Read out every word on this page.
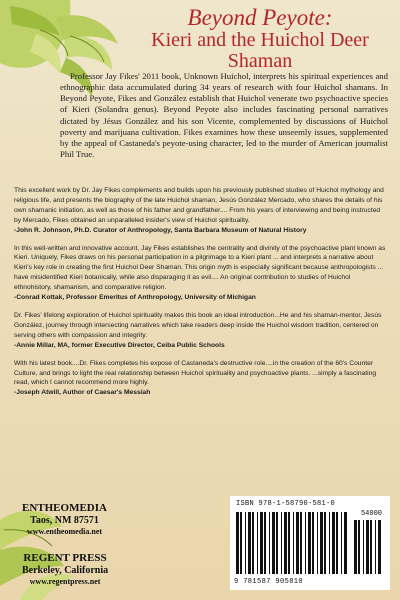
Beyond Peyote:
Kieri and the Huichol Deer Shaman

Professor Jay Fikes' 2011 book, Unknown Huichol, interprets his spiritual experiences and ethnographic data accumulated during 34 years of research with four Huichol shamans. In Beyond Peyote, Fikes and González establish that Huichol venerate two psychoactive species of Kieri (Solandra genus). Beyond Peyote also includes fascinating personal narratives dictated by Jésus González and his son Vicente, complemented by discussions of Huichol poverty and marijuana cultivation. Fikes examines how these unseemly issues, supplemented by the appeal of Castaneda's peyote-using character, led to the murder of American journalist Phil True.

This excellent work by Dr. Jay Fikes complements and builds upon his previously published studies of Huichol mythology and religious life, and presents the biography of the late Huichol shaman, Jesús González Mercado, who shares the details of his own shamanic initiation, as well as those of his father and grandfather.... From his years of interviewing and being instructed by Mercado, Fikes obtained an unparalleled insider's view of Huichol spirituality.
-John R. Johnson, Ph.D. Curator of Anthropology, Santa Barbara Museum of Natural History
In this well-written and innovative account, Jay Fikes establishes the centrality and divinity of the psychoactive plant known as Kieri. Uniquely, Fikes draws on his personal participation in a pilgrimage to a Kieri plant ... and interprets a narrative about Kieri's key role in creating the first Huichol Deer Shaman. This origin myth is especially significant because anthropologists ... have misidentified Kieri botanically, while also disparaging it as evil.... An original contribution to studies of Huichol ethnohistory, shamanism, and comparative religion.
-Conrad Kottak, Professor Emeritus of Anthropology, University of Michigan
Dr. Fikes' lifelong exploration of Huichol spirituality makes this book an ideal introduction...He and his shaman-mentor, Jesús González, journey through intersecting narratives which take readers deep inside the Huichol wisdom tradition, centered on serving others with compassion and integrity.
-Annie Millar, MA, former Executive Director, Ceiba Public Schools
With his latest book....Dr. Fikes completes his expose of Castaneda's destructive role....in the creation of the 60's Counter Culture, and brings to light the real relationship between Huichol spirituality and psychoactive plants. ...simply a fascinating read, which I cannot recommend more highly.
-Joseph Atwill, Author of Caesar's Messiah
ENTHEOMEDIA
Taos, NM 87571
www.entheomedia.net
REGENT PRESS
Berkeley, California
www.regentpress.net
ISBN 978-1-58790-581-0
54000
9 781587 905810
